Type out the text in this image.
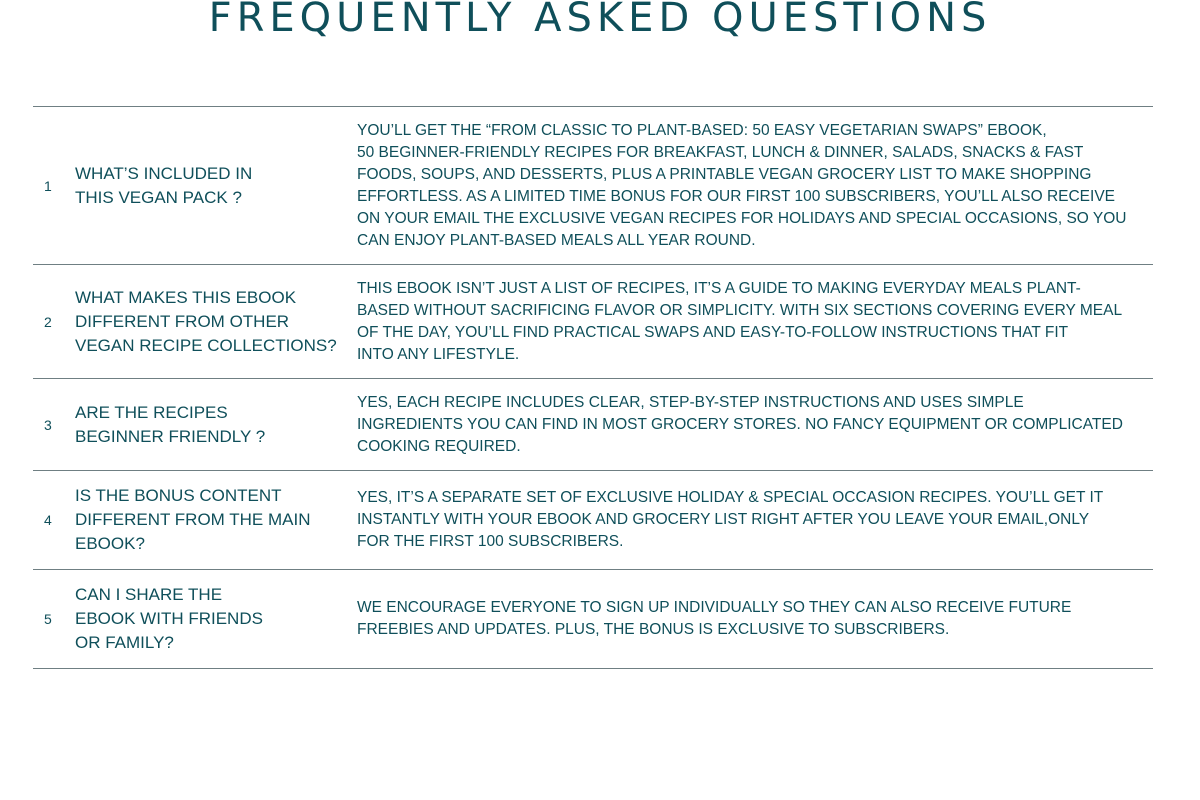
FREQUENTLY ASKED QUESTIONS
1
WHAT’S INCLUDED IN
THIS VEGAN PACK ?
YOU’LL GET THE “FROM CLASSIC TO PLANT-BASED: 50 EASY VEGETARIAN SWAPS” EBOOK,
50 BEGINNER-FRIENDLY RECIPES FOR BREAKFAST, LUNCH & DINNER, SALADS, SNACKS & FAST
FOODS, SOUPS, AND DESSERTS, PLUS A PRINTABLE VEGAN GROCERY LIST TO MAKE SHOPPING
EFFORTLESS. AS A LIMITED TIME BONUS FOR OUR FIRST 100 SUBSCRIBERS, YOU’LL ALSO RECEIVE
ON YOUR EMAIL THE EXCLUSIVE VEGAN RECIPES FOR HOLIDAYS AND SPECIAL OCCASIONS, SO YOU
CAN ENJOY PLANT-BASED MEALS ALL YEAR ROUND.
2
WHAT MAKES THIS EBOOK
DIFFERENT FROM OTHER
VEGAN RECIPE COLLECTIONS?
THIS EBOOK ISN’T JUST A LIST OF RECIPES, IT’S A GUIDE TO MAKING EVERYDAY MEALS PLANT-
BASED WITHOUT SACRIFICING FLAVOR OR SIMPLICITY. WITH SIX SECTIONS COVERING EVERY MEAL
OF THE DAY, YOU’LL FIND PRACTICAL SWAPS AND EASY-TO-FOLLOW INSTRUCTIONS THAT FIT
INTO ANY LIFESTYLE.
3
ARE THE RECIPES
BEGINNER FRIENDLY ?
YES, EACH RECIPE INCLUDES CLEAR, STEP-BY-STEP INSTRUCTIONS AND USES SIMPLE
INGREDIENTS YOU CAN FIND IN MOST GROCERY STORES. NO FANCY EQUIPMENT OR COMPLICATED
COOKING REQUIRED.
4
IS THE BONUS CONTENT
DIFFERENT FROM THE MAIN
EBOOK?
YES, IT’S A SEPARATE SET OF EXCLUSIVE HOLIDAY & SPECIAL OCCASION RECIPES. YOU’LL GET IT
INSTANTLY WITH YOUR EBOOK AND GROCERY LIST RIGHT AFTER YOU LEAVE YOUR EMAIL,ONLY
FOR THE FIRST 100 SUBSCRIBERS.
5
CAN I SHARE THE
EBOOK WITH FRIENDS
OR FAMILY?
WE ENCOURAGE EVERYONE TO SIGN UP INDIVIDUALLY SO THEY CAN ALSO RECEIVE FUTURE
FREEBIES AND UPDATES. PLUS, THE BONUS IS EXCLUSIVE TO SUBSCRIBERS.
